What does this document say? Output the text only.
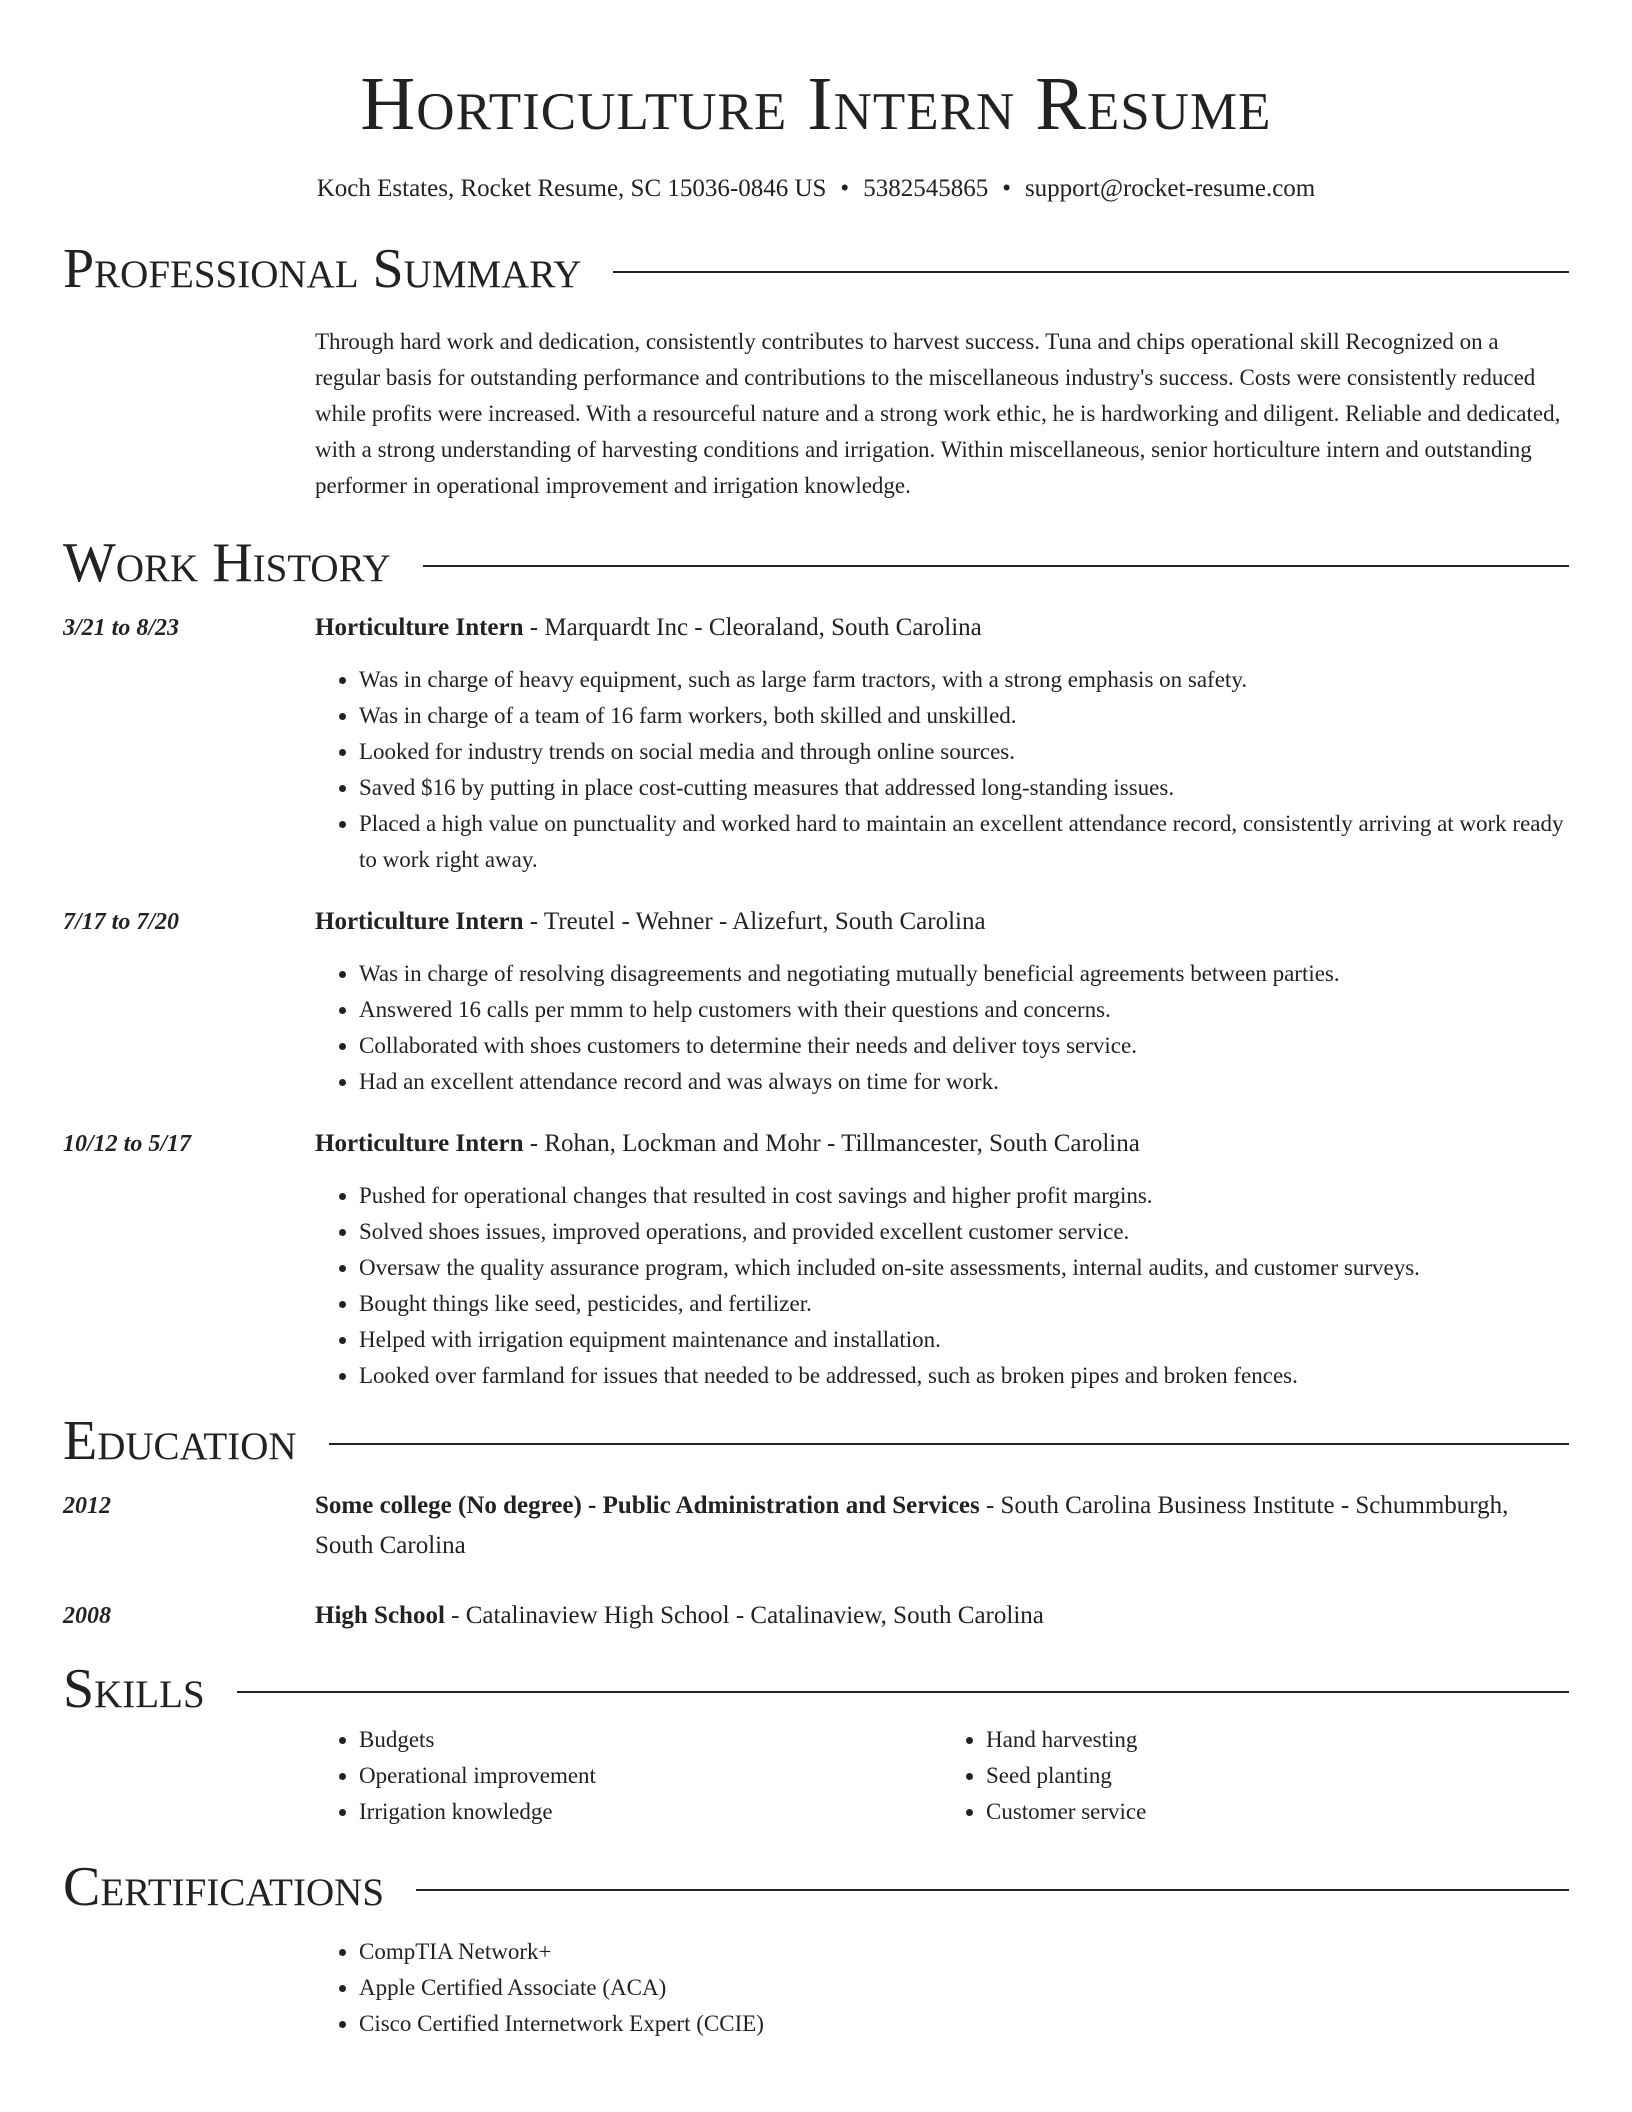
Horticulture Intern Resume
Koch Estates, Rocket Resume, SC 15036-0846 US • 5382545865 • support@rocket-resume.com
Professional Summary
Through hard work and dedication, consistently contributes to harvest success. Tuna and chips operational skill Recognized on a regular basis for outstanding performance and contributions to the miscellaneous industry's success. Costs were consistently reduced while profits were increased. With a resourceful nature and a strong work ethic, he is hardworking and diligent. Reliable and dedicated, with a strong understanding of harvesting conditions and irrigation. Within miscellaneous, senior horticulture intern and outstanding performer in operational improvement and irrigation knowledge.
Work History
3/21 to 8/23	Horticulture Intern - Marquardt Inc - Cleoraland, South Carolina
• Was in charge of heavy equipment, such as large farm tractors, with a strong emphasis on safety.
• Was in charge of a team of 16 farm workers, both skilled and unskilled.
• Looked for industry trends on social media and through online sources.
• Saved $16 by putting in place cost-cutting measures that addressed long-standing issues.
• Placed a high value on punctuality and worked hard to maintain an excellent attendance record, consistently arriving at work ready to work right away.
7/17 to 7/20	Horticulture Intern - Treutel - Wehner - Alizefurt, South Carolina
• Was in charge of resolving disagreements and negotiating mutually beneficial agreements between parties.
• Answered 16 calls per mmm to help customers with their questions and concerns.
• Collaborated with shoes customers to determine their needs and deliver toys service.
• Had an excellent attendance record and was always on time for work.
10/12 to 5/17	Horticulture Intern - Rohan, Lockman and Mohr - Tillmancester, South Carolina
• Pushed for operational changes that resulted in cost savings and higher profit margins.
• Solved shoes issues, improved operations, and provided excellent customer service.
• Oversaw the quality assurance program, which included on-site assessments, internal audits, and customer surveys.
• Bought things like seed, pesticides, and fertilizer.
• Helped with irrigation equipment maintenance and installation.
• Looked over farmland for issues that needed to be addressed, such as broken pipes and broken fences.
Education
2012	Some college (No degree) - Public Administration and Services - South Carolina Business Institute - Schummburgh, South Carolina
2008	High School - Catalinaview High School - Catalinaview, South Carolina
Skills
• Budgets
• Operational improvement
• Irrigation knowledge
• Hand harvesting
• Seed planting
• Customer service
Certifications
• CompTIA Network+
• Apple Certified Associate (ACA)
• Cisco Certified Internetwork Expert (CCIE)
